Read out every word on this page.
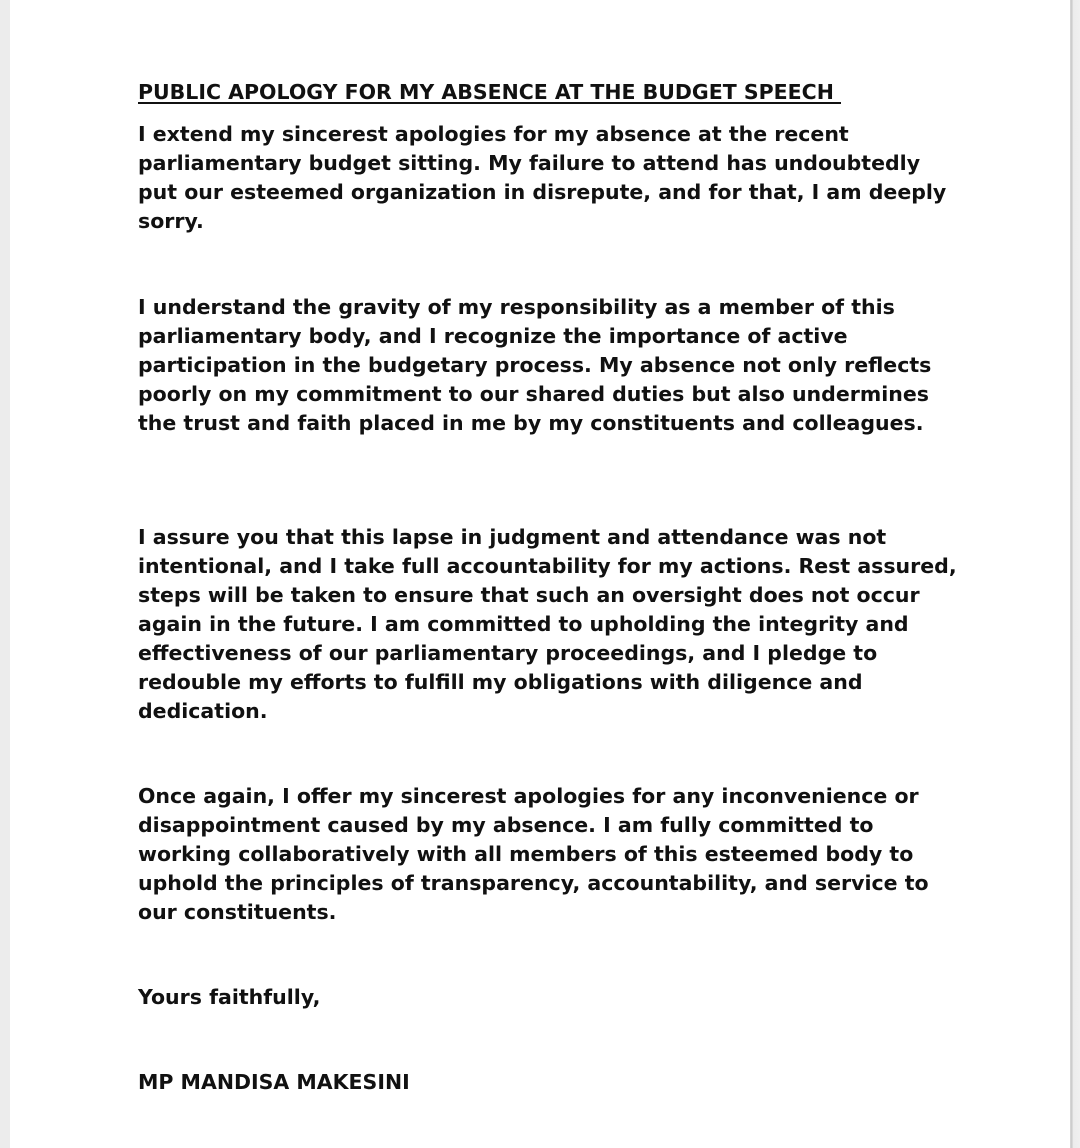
PUBLIC APOLOGY FOR MY ABSENCE AT THE BUDGET SPEECH

I extend my sincerest apologies for my absence at the recent parliamentary budget sitting. My failure to attend has undoubtedly put our esteemed organization in disrepute, and for that, I am deeply sorry.

I understand the gravity of my responsibility as a member of this parliamentary body, and I recognize the importance of active participation in the budgetary process. My absence not only reflects poorly on my commitment to our shared duties but also undermines the trust and faith placed in me by my constituents and colleagues.

I assure you that this lapse in judgment and attendance was not intentional, and I take full accountability for my actions. Rest assured, steps will be taken to ensure that such an oversight does not occur again in the future. I am committed to upholding the integrity and effectiveness of our parliamentary proceedings, and I pledge to redouble my efforts to fulfill my obligations with diligence and dedication.

Once again, I offer my sincerest apologies for any inconvenience or disappointment caused by my absence. I am fully committed to working collaboratively with all members of this esteemed body to uphold the principles of transparency, accountability, and service to our constituents.

Yours faithfully,

MP MANDISA MAKESINI
